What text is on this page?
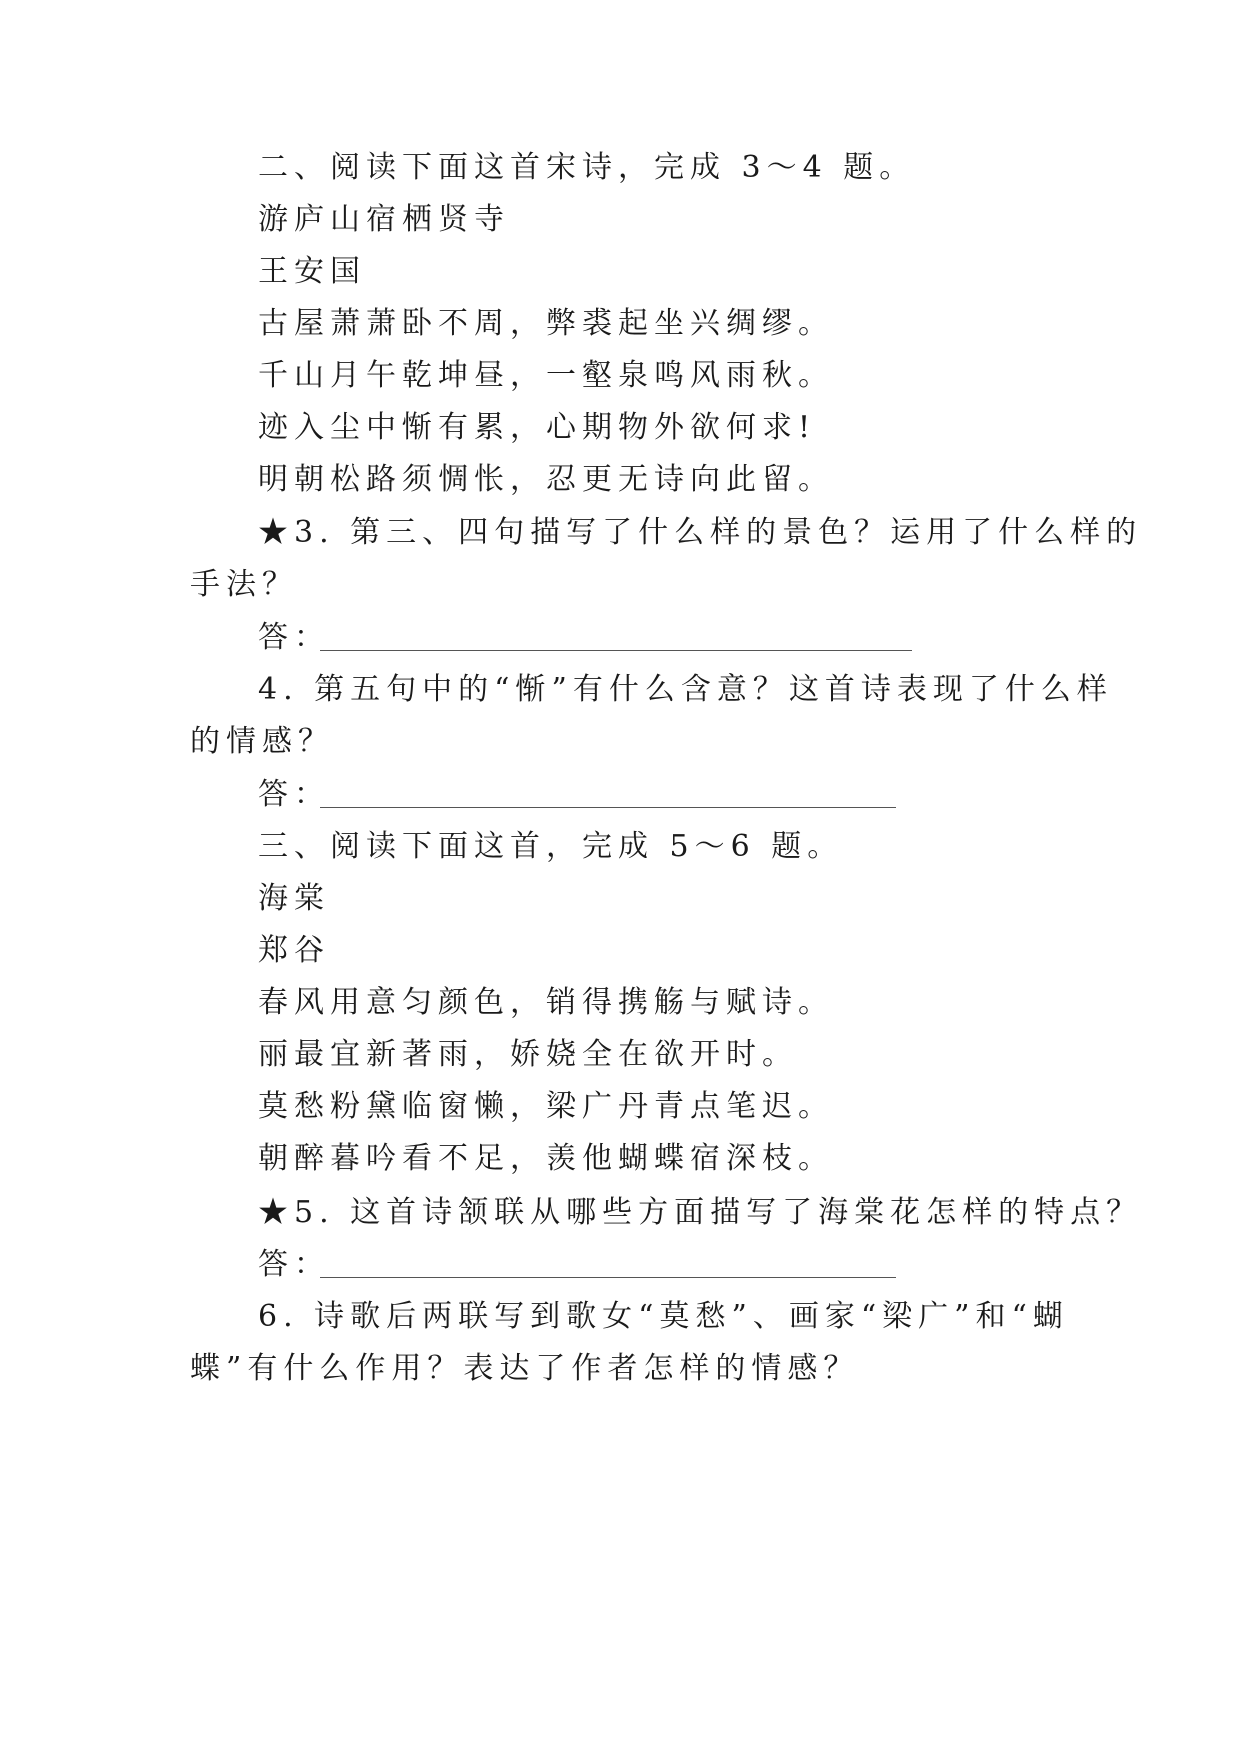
二、阅读下面这首宋诗，完成 3～4 题。
游庐山宿栖贤寺
王安国
古屋萧萧卧不周，弊裘起坐兴绸缪。
千山月午乾坤昼，一壑泉鸣风雨秋。
迹入尘中惭有累，心期物外欲何求!
明朝松路须惆怅，忍更无诗向此留。
★3. 第三、四句描写了什么样的景色？运用了什么样的
手法？
答：
4. 第五句中的“惭”有什么含意？这首诗表现了什么样
的情感？
答：
三、阅读下面这首，完成 5～6 题。
海棠
郑谷
春风用意匀颜色，销得携觞与赋诗。
丽最宜新著雨，娇娆全在欲开时。
莫愁粉黛临窗懒，梁广丹青点笔迟。
朝醉暮吟看不足，羡他蝴蝶宿深枝。
★5. 这首诗颔联从哪些方面描写了海棠花怎样的特点？
答：
6. 诗歌后两联写到歌女“莫愁”、画家“梁广”和“蝴
蝶”有什么作用？表达了作者怎样的情感？
